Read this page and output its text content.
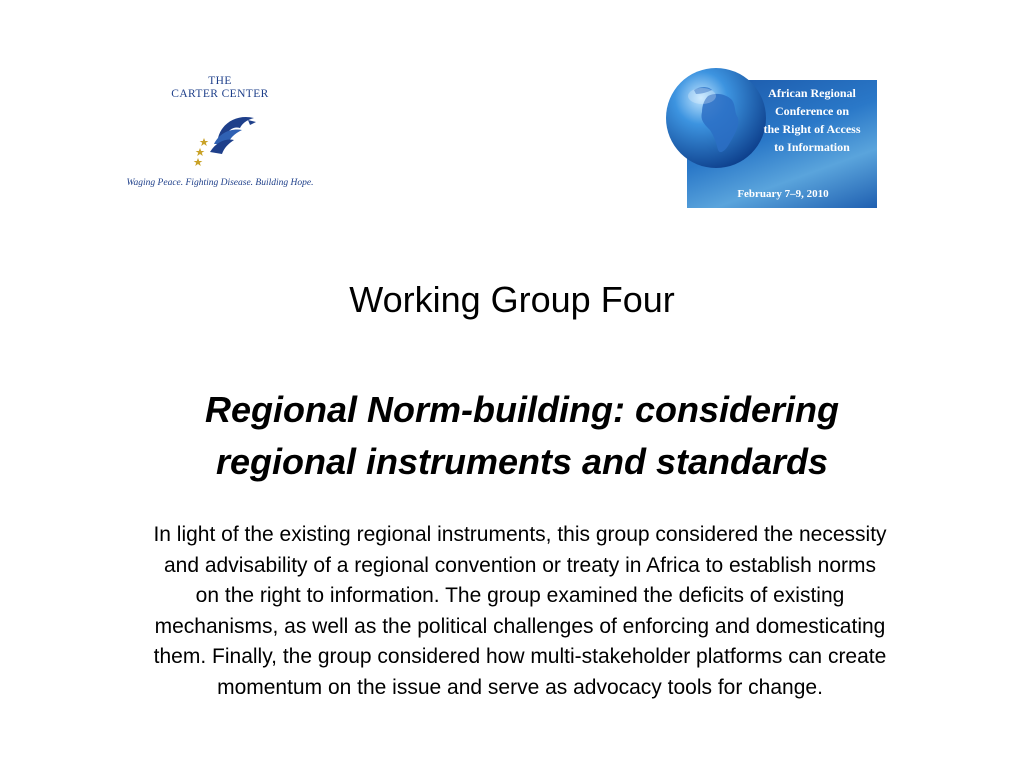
THE
CARTER CENTER
Waging Peace. Fighting Disease. Building Hope.
African Regional
Conference on
the Right of Access
to Information
February 7–9, 2010
Working Group Four
Regional Norm-building: considering
regional instruments and standards

In light of the existing regional instruments, this group considered the necessity
and advisability of a regional convention or treaty in Africa to establish norms
on the right to information. The group examined the deficits of existing
mechanisms, as well as the political challenges of enforcing and domesticating
them. Finally, the group considered how multi-stakeholder platforms can create
momentum on the issue and serve as advocacy tools for change.
